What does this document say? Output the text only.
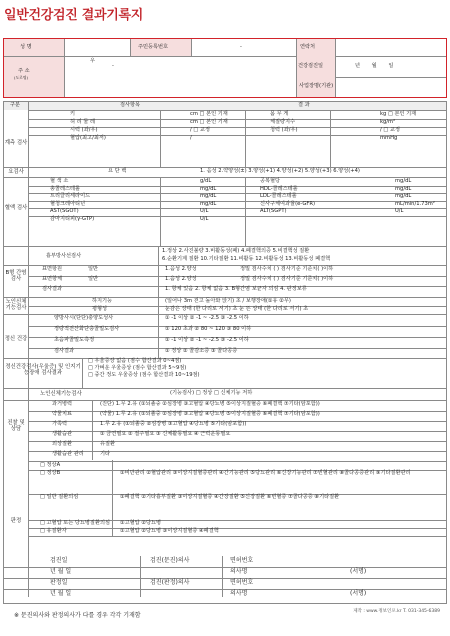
일반건강검진 결과기록지
성 명	주민등록번호	-	연락처
주 소
(도로명)
우
-	건강검진일	년 월 일
사업장명(기관)
구분	검사항목	결 과
계측 검사
키	cm □ 본인 기재	몸 무 게	kg □ 본인 기재
허 리 둘 레	cm □ 본인 기재	체질량지수	kg/m²
시력 (좌/우)	/ □ 교정	청력 (좌/우)	/ □ 교정
혈압(최고/최저)	/	mmHg
요검사	요 단 백	1. 음성 2.약양성(±) 3.양성(+1) 4.양성(+2) 5.양성(+3) 6.양성(+4)
혈액 검사
혈 색 소	g/dL	공복혈당	mg/dL
총콜레스테롤	mg/dL	HDL-콜레스테롤	mg/dL
트리글리세라이드	mg/dL	LDL-콜레스테롤	mg/dL
혈청크레아티닌	mg/dL	신사구체여과율(e-GFR)	mL/min/1.73m²
AST(SGOT)	U/L	ALT(SGPT)	U/L
감마지티피(γ-GTP)	U/L
흉부방사선검사
1.정상 2.사진불량 3.비활동성(폐) 4.폐결핵의증 5.비결핵성 질환
6.순환기계 질환 10.기타질환 11.비활동 12.비활동성 13.비활동성 폐결핵
B형 간염 검사
표면항원	일반	1.음성 2.양성	정밀 검사수치 ( ) 검사기준 기준치( )이하
표면항체	일반	1.음성 2.양성	정밀 검사수치 ( ) 검사기준 기준치( )이하
검사결과	1. 항체 있음 2. 항체 없음 3. B형간염 보균자 의심 4. 판정보류
노인신체기능검사
하지기능	(일어나 3m 걷고 돌아와 앉기) 초 / 보행장애(①유 ②무)
평형성	눈감은 상태 (한 다리로 서기) 초 눈 뜬 상태 (한 다리로 서기) 초
정신 건강
양방사시(단단)충양도성사	① -1 이상 ② -1 ~ -2.5 ③ -2.5 이하
정량적전산화단층골밀도검사	① 120 초과 ② 80 ~ 120 ③ 80 이하
초음파골밀도측정	① -1 이상 ② -1 ~ -2.5 ③ -2.5 이하
검사결과	① 정상 ② 골감소증 ③ 골다공증
정신건강검사(우울증) 및 인지기능장애 검사결과
□ 우울증상 없음 (점수 합산결과 0~4점)
□ 가벼운 우울증상 (점수 합산결과 5~9점)
□ 중간 정도 우울증상 (점수 합산결과 10~19점)
노인신체기능검사	(기능검사) □ 정상 □ 신체기능 저하
진찰 및 상담
과거병력	(진단) 1.무 2.유 (①뇌졸중 ②심장병 ③고혈압 ④당뇨병 ⑤이상지질혈증 ⑥폐결핵 ⑦기타(암포함))
약물치료	(약물) 1.무 2.유 (①뇌졸중 ②심장병 ③고혈압 ④당뇨병 ⑤이상지질혈증 ⑥폐결핵 ⑦기타(암포함))
가족력	1.무 2.유 (①뇌졸중 ②심장병 ③고혈압 ④당뇨병 ⑤기타(암포함))
생활습관	① 금연필요 ② 절주필요 ③ 신체활동필요 ④ 근력운동필요
외상질환	유질환
생활습관 관리	기타
판정
□ 정상A
□ 정상B	①비만관리 ②혈압관리 ③이상지질혈증관리 ④간기능관리 ⑤당뇨관리 ⑥신장기능관리 ⑦빈혈관리 ⑧골다공증관리 ⑨기타질환관리
□ 일반 질환의심	①폐결핵 ②기타흉부질환 ③이상지질혈증 ④간장질환 ⑤신장질환 ⑥빈혈증 ⑦골다공증 ⑧기타질환
□ 고혈압 또는 당뇨병질환의심 ①고혈압 ②당뇨병
□ 유질환자	①고혈압 ②당뇨병 ③이상지질혈증 ④폐결핵
검진일	검진(문진)의사	면허번호
년 월 일	의사명	(서명)
판정일	검진(판정)의사	면허번호
년 월 일	의사명	(서명)
※ 문진의사와 판정의사가 다를 경우 각각 기재함
제작 : www.정보인포.kr T. 031-345-6389
